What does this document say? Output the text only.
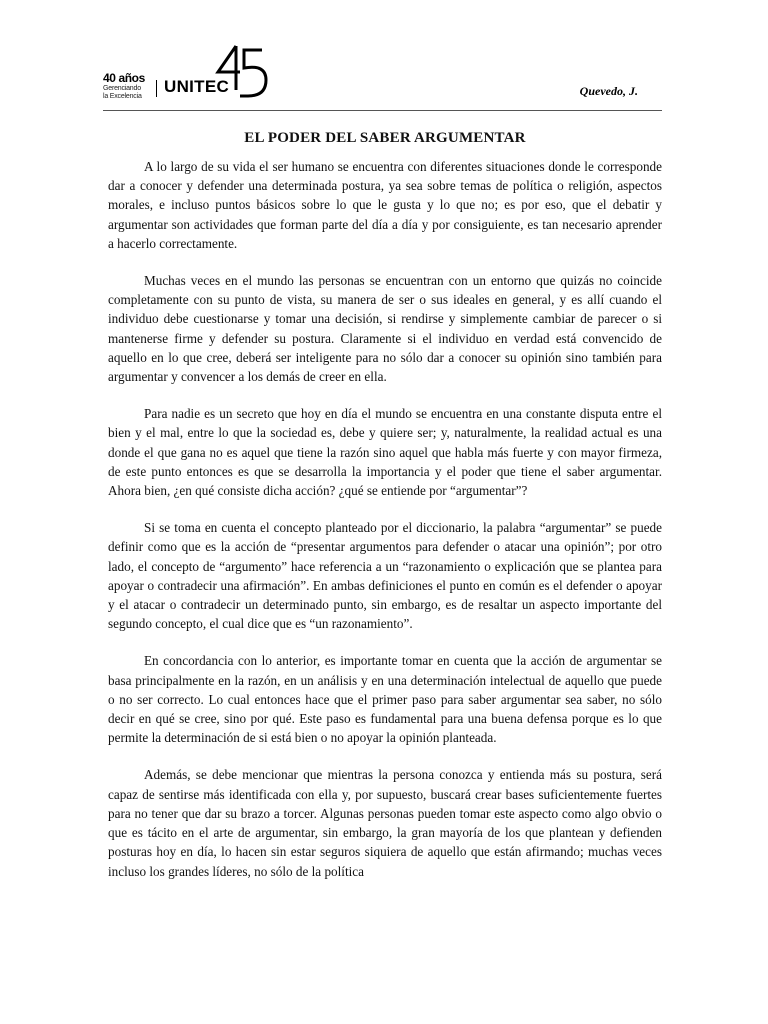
40 años
Gerenciando
la Excelencia
UNITEC	Quevedo, J.
EL PODER DEL SABER ARGUMENTAR

A lo largo de su vida el ser humano se encuentra con diferentes situaciones donde le corresponde dar a conocer y defender una determinada postura, ya sea sobre temas de política o religión, aspectos morales, e incluso puntos básicos sobre lo que le gusta y lo que no; es por eso, que el debatir y argumentar son actividades que forman parte del día a día y por consiguiente, es tan necesario aprender a hacerlo correctamente.

Muchas veces en el mundo las personas se encuentran con un entorno que quizás no coincide completamente con su punto de vista, su manera de ser o sus ideales en general, y es allí cuando el individuo debe cuestionarse y tomar una decisión, si rendirse y simplemente cambiar de parecer o si mantenerse firme y defender su postura. Claramente si el individuo en verdad está convencido de aquello en lo que cree, deberá ser inteligente para no sólo dar a conocer su opinión sino también para argumentar y convencer a los demás de creer en ella.

Para nadie es un secreto que hoy en día el mundo se encuentra en una constante disputa entre el bien y el mal, entre lo que la sociedad es, debe y quiere ser; y, naturalmente, la realidad actual es una donde el que gana no es aquel que tiene la razón sino aquel que habla más fuerte y con mayor firmeza, de este punto entonces es que se desarrolla la importancia y el poder que tiene el saber argumentar. Ahora bien, ¿en qué consiste dicha acción? ¿qué se entiende por “argumentar”?

Si se toma en cuenta el concepto planteado por el diccionario, la palabra “argumentar” se puede definir como que es la acción de “presentar argumentos para defender o atacar una opinión”; por otro lado, el concepto de “argumento” hace referencia a un “razonamiento o explicación que se plantea para apoyar o contradecir una afirmación”. En ambas definiciones el punto en común es el defender o apoyar y el atacar o contradecir un determinado punto, sin embargo, es de resaltar un aspecto importante del segundo concepto, el cual dice que es “un razonamiento”.

En concordancia con lo anterior, es importante tomar en cuenta que la acción de argumentar se basa principalmente en la razón, en un análisis y en una determinación intelectual de aquello que puede o no ser correcto. Lo cual entonces hace que el primer paso para saber argumentar sea saber, no sólo decir en qué se cree, sino por qué. Este paso es fundamental para una buena defensa porque es lo que permite la determinación de si está bien o no apoyar la opinión planteada.

Además, se debe mencionar que mientras la persona conozca y entienda más su postura, será capaz de sentirse más identificada con ella y, por supuesto, buscará crear bases suficientemente fuertes para no tener que dar su brazo a torcer. Algunas personas pueden tomar este aspecto como algo obvio o que es tácito en el arte de argumentar, sin embargo, la gran mayoría de los que plantean y defienden posturas hoy en día, lo hacen sin estar seguros siquiera de aquello que están afirmando; muchas veces incluso los grandes líderes, no sólo de la política
